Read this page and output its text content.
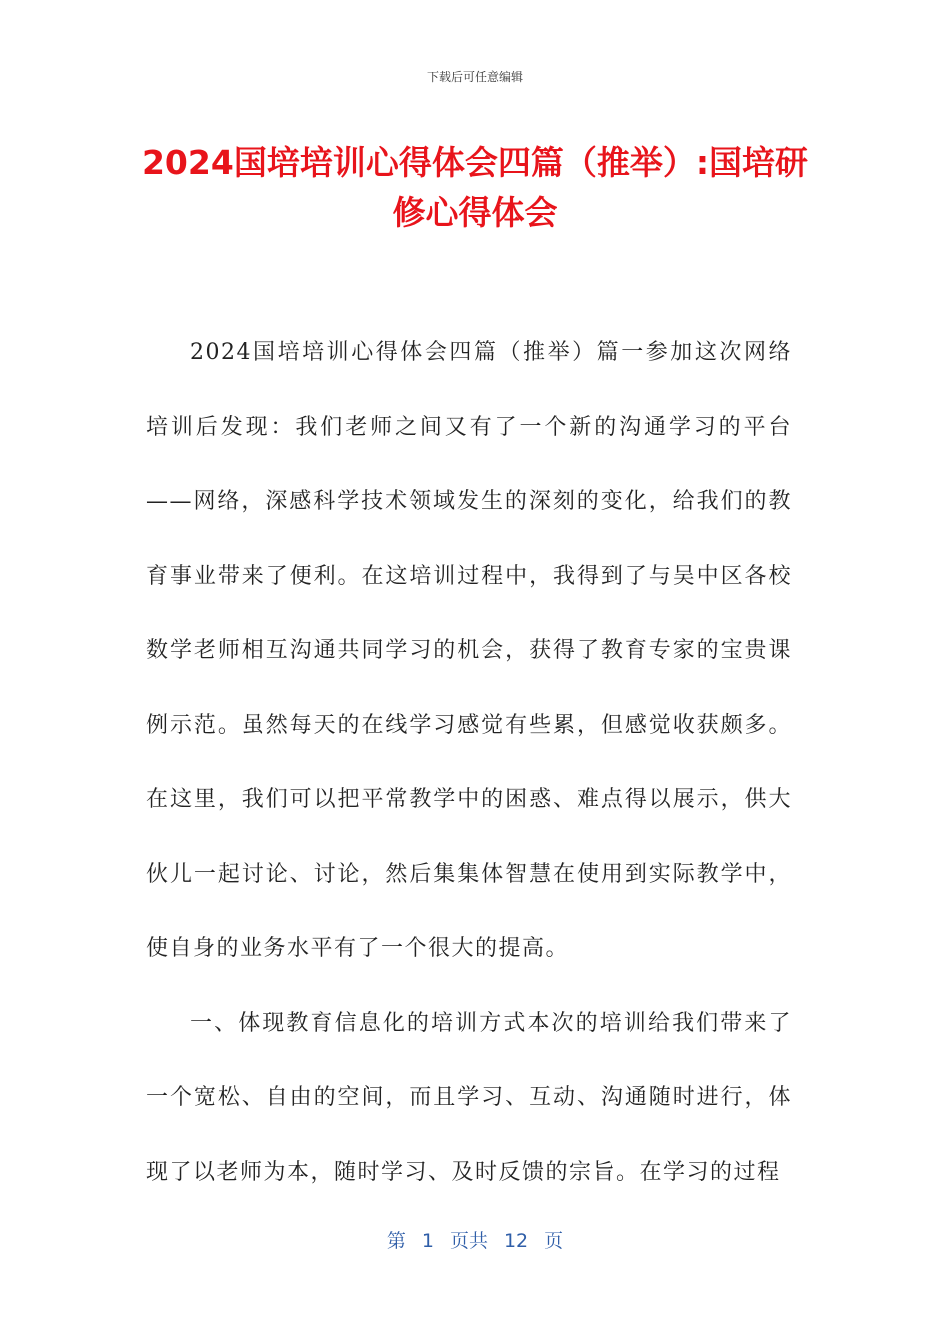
下载后可任意编辑
2024国培培训心得体会四篇（推举）:国培研修心得体会

2024国培培训心得体会四篇（推举）篇一参加这次网络培训后发现：我们老师之间又有了一个新的沟通学习的平台——网络，深感科学技术领域发生的深刻的变化，给我们的教育事业带来了便利。在这培训过程中，我得到了与吴中区各校数学老师相互沟通共同学习的机会，获得了教育专家的宝贵课例示范。虽然每天的在线学习感觉有些累，但感觉收获颇多。在这里，我们可以把平常教学中的困惑、难点得以展示，供大伙儿一起讨论、讨论，然后集集体智慧在使用到实际教学中，使自身的业务水平有了一个很大的提高。

一、体现教育信息化的培训方式本次的培训给我们带来了一个宽松、自由的空间，而且学习、互动、沟通随时进行，体现了以老师为本，随时学习、及时反馈的宗旨。在学习的过程

第 1 页共 12 页
